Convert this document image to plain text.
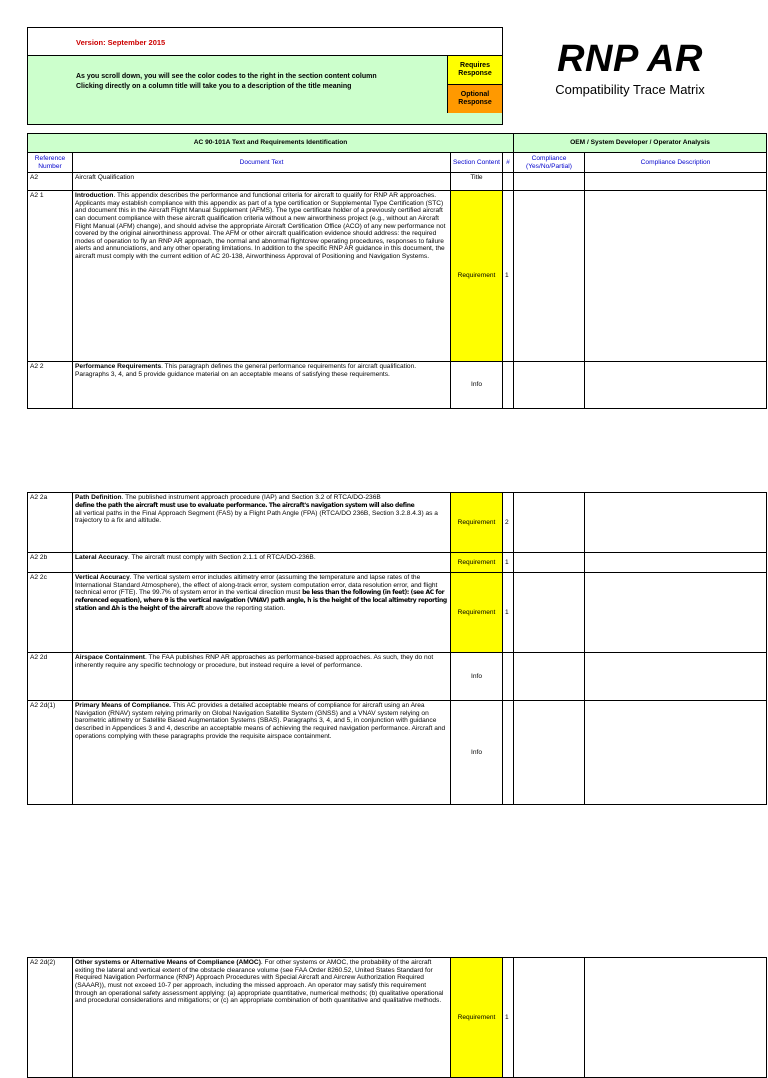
Version: September 2015
As you scroll down, you will see the color codes to the right in the section content column
Clicking directly on a column title will take you to a description of the title meaning
Requires Response
Optional Response
RNP AR
Compatibility Trace Matrix
AC 90-101A Text and Requirements Identification				OEM / System Developer / Operator Analysis	
Reference Number	Document Text	Section Content	#	Compliance (Yes/No/Partial)	Compliance Description
A2	Aircraft Qualification	Title			
A2 1	Introduction. This appendix describes the performance and functional criteria for aircraft to qualify for RNP AR approaches. Applicants may establish compliance with this appendix as part of a type certification or Supplemental Type Certification (STC) and document this in the Aircraft Flight Manual Supplement (AFMS). The type certificate holder of a previously certified aircraft can document compliance with these aircraft qualification criteria without a new airworthiness project (e.g., without an Aircraft Flight Manual (AFM) change), and should advise the appropriate Aircraft Certification Office (ACO) of any new performance not covered by the original airworthiness approval. The AFM or other aircraft qualification evidence should address: the required modes of operation to fly an RNP AR approach, the normal and abnormal flightcrew operating procedures, responses to failure alerts and annunciations, and any other operating limitations. In addition to the specific RNP AR guidance in this document, the aircraft must comply with the current edition of AC 20-138, Airworthiness Approval of Positioning and Navigation Systems.	Requirement	1		
A2 2	Performance Requirements. This paragraph defines the general performance requirements for aircraft qualification. Paragraphs 3, 4, and 5 provide guidance material on an acceptable means of satisfying these requirements.	Info			
A2 2a	Path Definition. The published instrument approach procedure (IAP) and Section 3.2 of RTCA/DO-236B
define the path the aircraft must use to evaluate performance. The aircraft's navigation system will also define
all vertical paths in the Final Approach Segment (FAS) by a Flight Path Angle (FPA) (RTCA/DO 236B, Section 3.2.8.4.3) as a trajectory to a fix and altitude.	Requirement	2		
A2 2b	Lateral Accuracy. The aircraft must comply with Section 2.1.1 of RTCA/DO-236B.	Requirement	1		
A2 2c	Vertical Accuracy. The vertical system error includes altimetry error (assuming the temperature and lapse rates of the International Standard Atmosphere), the effect of along-track error, system computation error, data resolution error, and flight technical error (FTE). The 99.7% of system error in the vertical direction must be less than the following (in feet): (see AC for referenced equation), where θ is the vertical navigation (VNAV) path angle, h is the height of the local altimetry reporting station and Δh is the height of the aircraft above the reporting station.	Requirement	1		
A2 2d	Airspace Containment. The FAA publishes RNP AR approaches as performance-based approaches. As such, they do not inherently require any specific technology or procedure, but instead require a level of performance.	Info			
A2 2d(1)	Primary Means of Compliance. This AC provides a detailed acceptable means of compliance for aircraft using an Area Navigation (RNAV) system relying primarily on Global Navigation Satellite System (GNSS) and a VNAV system relying on barometric altimetry or Satellite Based Augmentation Systems (SBAS). Paragraphs 3, 4, and 5, in conjunction with guidance described in Appendices 3 and 4, describe an acceptable means of achieving the required navigation performance. Aircraft and operations complying with these paragraphs provide the requisite airspace containment.	Info			
A2 2d(2)	Other systems or Alternative Means of Compliance (AMOC). For other systems or AMOC, the probability of the aircraft exiting the lateral and vertical extent of the obstacle clearance volume (see FAA Order 8260.52, United States Standard for Required Navigation Performance (RNP) Approach Procedures with Special Aircraft and Aircrew Authorization Required (SAAAR)), must not exceed 10-7 per approach, including the missed approach. An operator may satisfy this requirement through an operational safety assessment applying: (a) appropriate quantitative, numerical methods; (b) qualitative operational and procedural considerations and mitigations; or (c) an appropriate combination of both quantitative and qualitative methods.	Requirement	1		
